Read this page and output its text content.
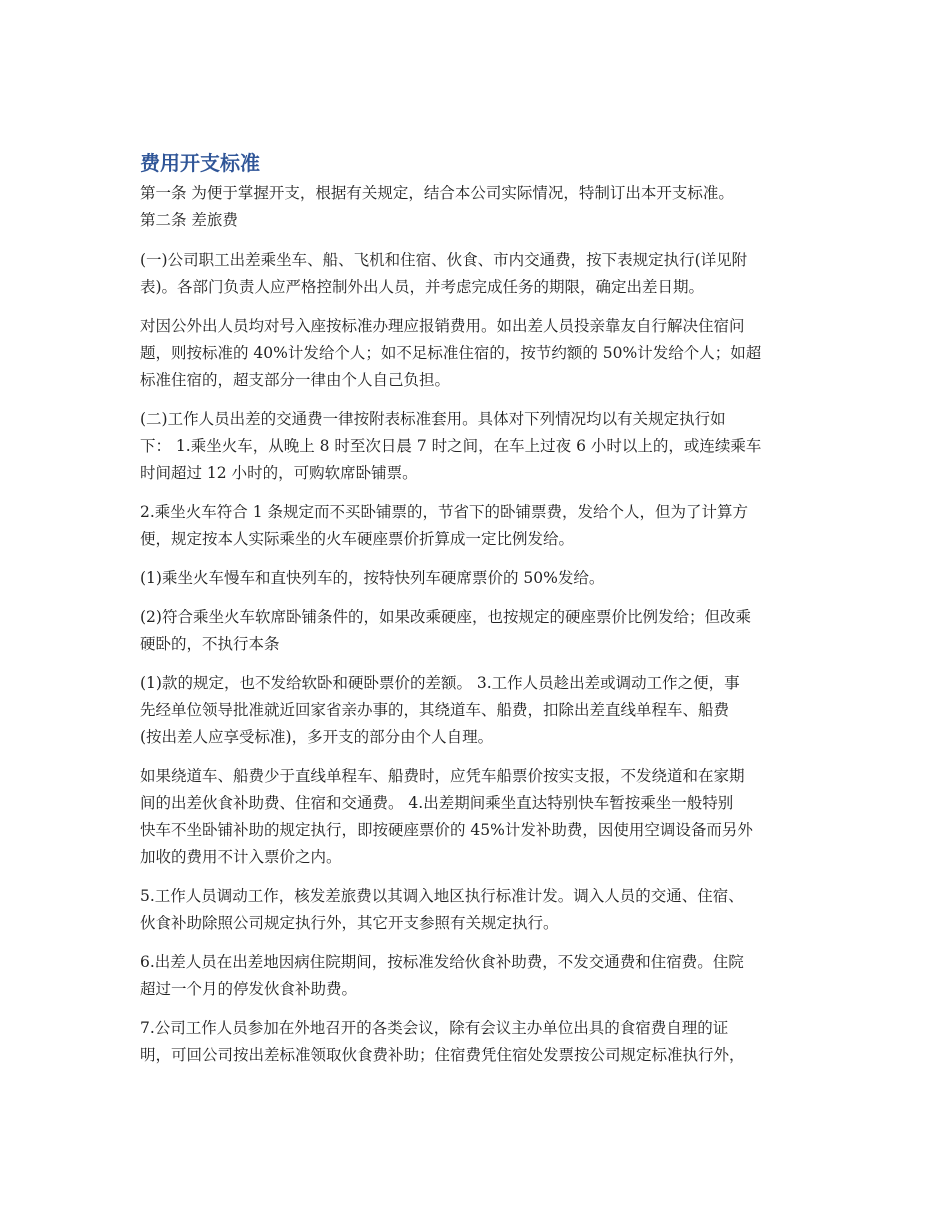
费用开支标准

第一条 为便于掌握开支，根据有关规定，结合本公司实际情况，特制订出本开支标准。

第二条 差旅费

(一)公司职工出差乘坐车、船、飞机和住宿、伙食、市内交通费，按下表规定执行(详见附

表)。各部门负责人应严格控制外出人员，并考虑完成任务的期限，确定出差日期。

对因公外出人员均对号入座按标准办理应报销费用。如出差人员投亲靠友自行解决住宿问

题，则按标准的 40%计发给个人；如不足标准住宿的，按节约额的 50%计发给个人；如超

标准住宿的，超支部分一律由个人自己负担。

(二)工作人员出差的交通费一律按附表标准套用。具体对下列情况均以有关规定执行如

下： 1.乘坐火车，从晚上 8 时至次日晨 7 时之间，在车上过夜 6 小时以上的，或连续乘车

时间超过 12 小时的，可购软席卧铺票。

2.乘坐火车符合 1 条规定而不买卧铺票的，节省下的卧铺票费，发给个人，但为了计算方

便，规定按本人实际乘坐的火车硬座票价折算成一定比例发给。

(1)乘坐火车慢车和直快列车的，按特快列车硬席票价的 50%发给。

(2)符合乘坐火车软席卧铺条件的，如果改乘硬座，也按规定的硬座票价比例发给；但改乘

硬卧的，不执行本条

(1)款的规定，也不发给软卧和硬卧票价的差额。 3.工作人员趁出差或调动工作之便，事

先经单位领导批准就近回家省亲办事的，其绕道车、船费，扣除出差直线单程车、船费

(按出差人应享受标准)，多开支的部分由个人自理。

如果绕道车、船费少于直线单程车、船费时，应凭车船票价按实支报，不发绕道和在家期

间的出差伙食补助费、住宿和交通费。 4.出差期间乘坐直达特别快车暂按乘坐一般特别

快车不坐卧铺补助的规定执行，即按硬座票价的 45%计发补助费，因使用空调设备而另外

加收的费用不计入票价之内。

5.工作人员调动工作，核发差旅费以其调入地区执行标准计发。调入人员的交通、住宿、

伙食补助除照公司规定执行外，其它开支参照有关规定执行。

6.出差人员在出差地因病住院期间，按标准发给伙食补助费，不发交通费和住宿费。住院

超过一个月的停发伙食补助费。

7.公司工作人员参加在外地召开的各类会议，除有会议主办单位出具的食宿费自理的证

明，可回公司按出差标准领取伙食费补助；住宿费凭住宿处发票按公司规定标准执行外，
